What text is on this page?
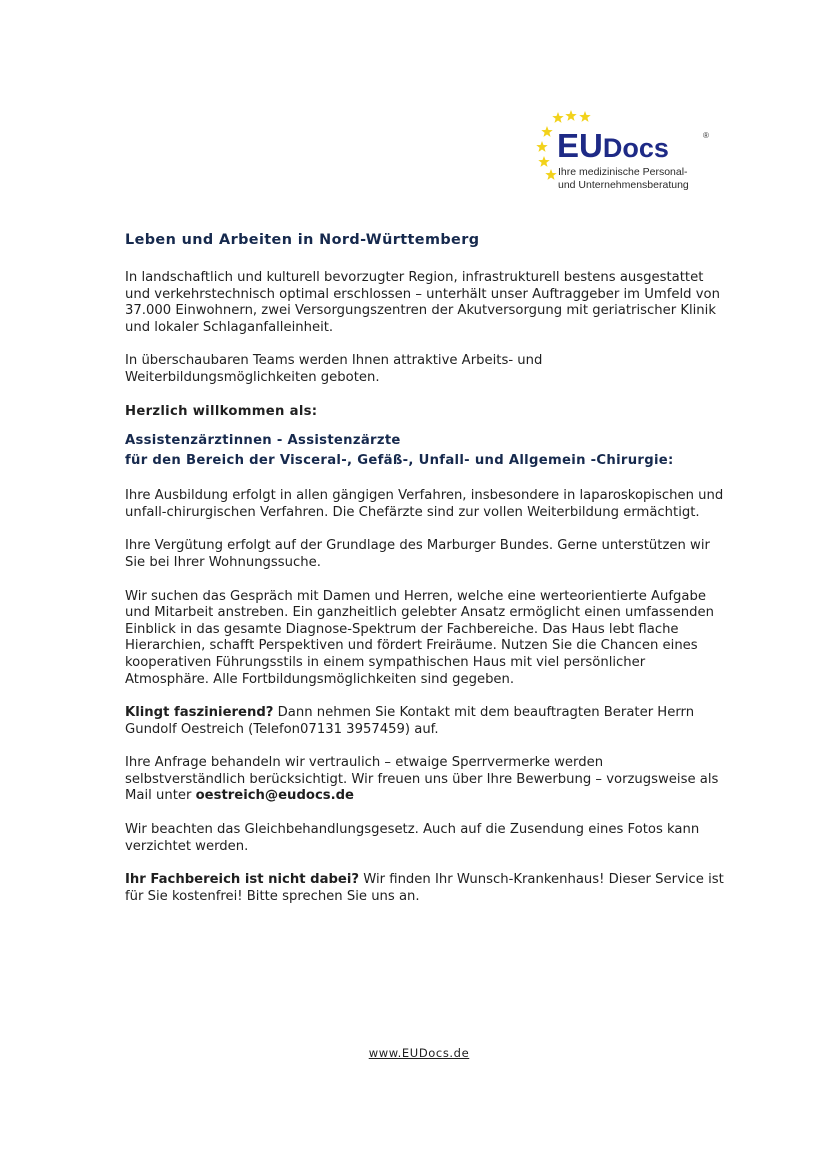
EUDocs	®
Ihre medizinische Personal-
und Unternehmensberatung

Leben und Arbeiten in Nord-Württemberg

In landschaftlich und kulturell bevorzugter Region, infrastrukturell bestens ausgestattet und verkehrstechnisch optimal erschlossen – unterhält unser Auftraggeber im Umfeld von 37.000 Einwohnern, zwei Versorgungszentren der Akutversorgung mit geriatrischer Klinik und lokaler Schlaganfalleinheit.

In überschaubaren Teams werden Ihnen attraktive Arbeits- und Weiterbildungsmöglichkeiten geboten.

Herzlich willkommen als:

Assistenzärztinnen - Assistenzärzte

für den Bereich der Visceral-, Gefäß-, Unfall- und Allgemein -Chirurgie:

Ihre Ausbildung erfolgt in allen gängigen Verfahren, insbesondere in laparoskopischen und unfall-chirurgischen Verfahren. Die Chefärzte sind zur vollen Weiterbildung ermächtigt.

Ihre Vergütung erfolgt auf der Grundlage des Marburger Bundes. Gerne unterstützen wir Sie bei Ihrer Wohnungssuche.

Wir suchen das Gespräch mit Damen und Herren, welche eine werteorientierte Aufgabe und Mitarbeit anstreben. Ein ganzheitlich gelebter Ansatz ermöglicht einen umfassenden Einblick in das gesamte Diagnose-Spektrum der Fachbereiche. Das Haus lebt flache Hierarchien, schafft Perspektiven und fördert Freiräume. Nutzen Sie die Chancen eines kooperativen Führungsstils in einem sympathischen Haus mit viel persönlicher Atmosphäre. Alle Fortbildungsmöglichkeiten sind gegeben.

Klingt faszinierend? Dann nehmen Sie Kontakt mit dem beauftragten Berater Herrn Gundolf Oestreich (Telefon07131 3957459) auf.

Ihre Anfrage behandeln wir vertraulich – etwaige Sperrvermerke werden selbstverständlich berücksichtigt. Wir freuen uns über Ihre Bewerbung – vorzugsweise als Mail unter oestreich@eudocs.de

Wir beachten das Gleichbehandlungsgesetz. Auch auf die Zusendung eines Fotos kann verzichtet werden.

Ihr Fachbereich ist nicht dabei? Wir finden Ihr Wunsch-Krankenhaus! Dieser Service ist für Sie kostenfrei! Bitte sprechen Sie uns an.

www.EUDocs.de
